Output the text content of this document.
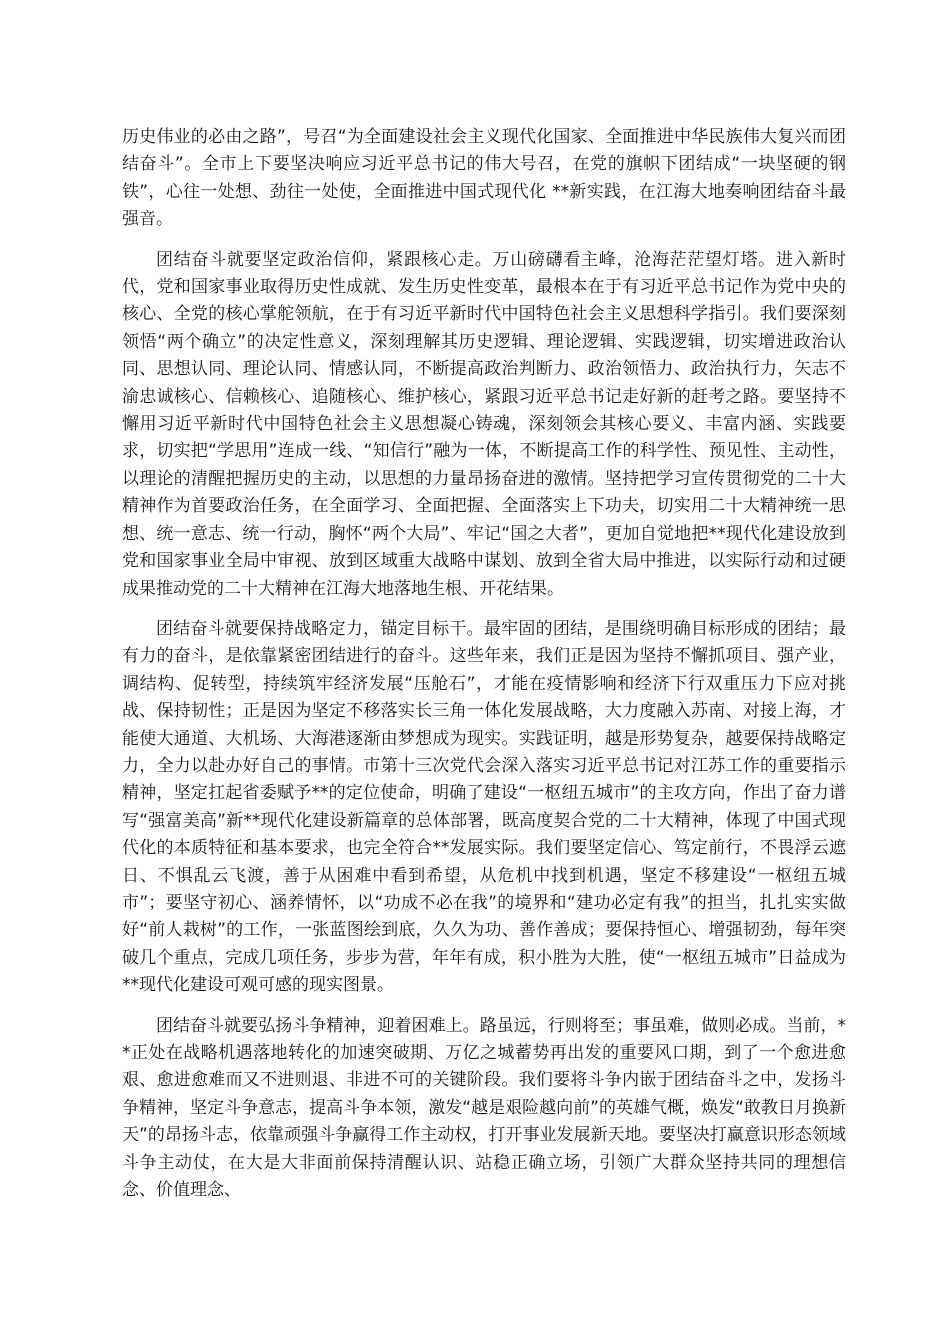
历史伟业的必由之路”，号召“为全面建设社会主义现代化国家、全面推进中华民族伟大复兴而团结奋斗”。全市上下要坚决响应习近平总书记的伟大号召，在党的旗帜下团结成“一块坚硬的钢铁”，心往一处想、劲往一处使，全面推进中国式现代化 **新实践，在江海大地奏响团结奋斗最强音。

团结奋斗就要坚定政治信仰，紧跟核心走。万山磅礴看主峰，沧海茫茫望灯塔。进入新时代，党和国家事业取得历史性成就、发生历史性变革，最根本在于有习近平总书记作为党中央的核心、全党的核心掌舵领航，在于有习近平新时代中国特色社会主义思想科学指引。我们要深刻领悟“两个确立”的决定性意义，深刻理解其历史逻辑、理论逻辑、实践逻辑，切实增进政治认同、思想认同、理论认同、情感认同，不断提高政治判断力、政治领悟力、政治执行力，矢志不渝忠诚核心、信赖核心、追随核心、维护核心，紧跟习近平总书记走好新的赶考之路。要坚持不懈用习近平新时代中国特色社会主义思想凝心铸魂，深刻领会其核心要义、丰富内涵、实践要求，切实把“学思用”连成一线、“知信行”融为一体，不断提高工作的科学性、预见性、主动性，以理论的清醒把握历史的主动，以思想的力量昂扬奋进的激情。坚持把学习宣传贯彻党的二十大精神作为首要政治任务，在全面学习、全面把握、全面落实上下功夫，切实用二十大精神统一思想、统一意志、统一行动，胸怀“两个大局”、牢记“国之大者”，更加自觉地把**现代化建设放到党和国家事业全局中审视、放到区域重大战略中谋划、放到全省大局中推进，以实际行动和过硬成果推动党的二十大精神在江海大地落地生根、开花结果。

团结奋斗就要保持战略定力，锚定目标干。最牢固的团结，是围绕明确目标形成的团结；最有力的奋斗，是依靠紧密团结进行的奋斗。这些年来，我们正是因为坚持不懈抓项目、强产业，调结构、促转型，持续筑牢经济发展“压舱石”，才能在疫情影响和经济下行双重压力下应对挑战、保持韧性；正是因为坚定不移落实长三角一体化发展战略，大力度融入苏南、对接上海，才能使大通道、大机场、大海港逐渐由梦想成为现实。实践证明，越是形势复杂，越要保持战略定力，全力以赴办好自己的事情。市第十三次党代会深入落实习近平总书记对江苏工作的重要指示精神，坚定扛起省委赋予**的定位使命，明确了建设“一枢纽五城市”的主攻方向，作出了奋力谱写“强富美高”新**现代化建设新篇章的总体部署，既高度契合党的二十大精神，体现了中国式现代化的本质特征和基本要求，也完全符合**发展实际。我们要坚定信心、笃定前行，不畏浮云遮日、不惧乱云飞渡，善于从困难中看到希望，从危机中找到机遇，坚定不移建设“一枢纽五城市”；要坚守初心、涵养情怀，以“功成不必在我”的境界和“建功必定有我”的担当，扎扎实实做好“前人栽树”的工作，一张蓝图绘到底，久久为功、善作善成；要保持恒心、增强韧劲，每年突破几个重点，完成几项任务，步步为营，年年有成，积小胜为大胜，使“一枢纽五城市”日益成为 **现代化建设可观可感的现实图景。

团结奋斗就要弘扬斗争精神，迎着困难上。路虽远，行则将至；事虽难，做则必成。当前，**正处在战略机遇落地转化的加速突破期、万亿之城蓄势再出发的重要风口期，到了一个愈进愈艰、愈进愈难而又不进则退、非进不可的关键阶段。我们要将斗争内嵌于团结奋斗之中，发扬斗争精神，坚定斗争意志，提高斗争本领，激发“越是艰险越向前”的英雄气概，焕发“敢教日月换新天”的昂扬斗志，依靠顽强斗争赢得工作主动权，打开事业发展新天地。要坚决打赢意识形态领域斗争主动仗，在大是大非面前保持清醒认识、站稳正确立场，引领广大群众坚持共同的理想信念、价值理念、
